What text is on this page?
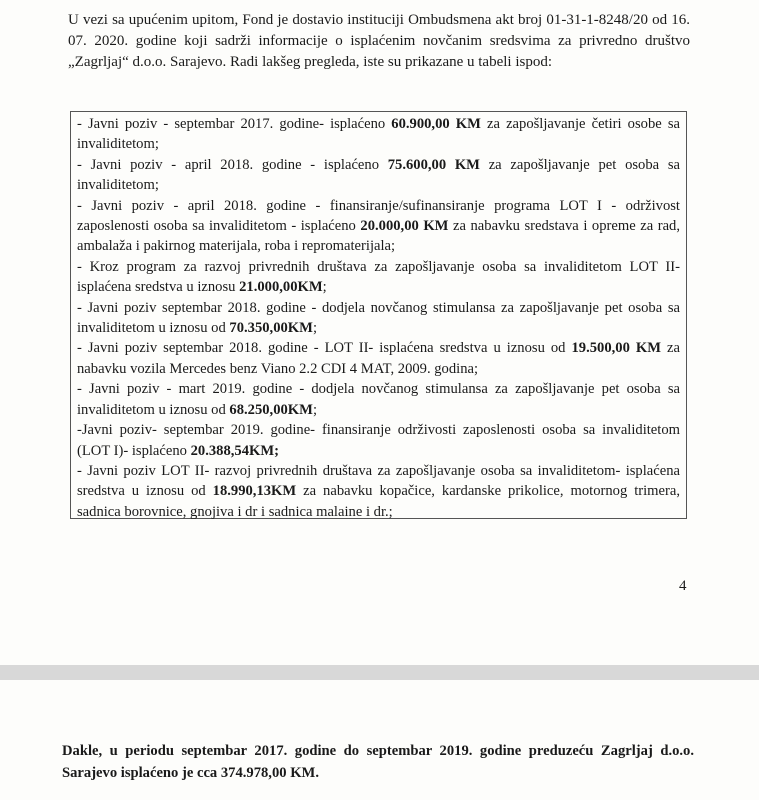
U vezi sa upućenim upitom, Fond je dostavio instituciji Ombudsmena akt broj 01-31-1-8248/20 od 16. 07. 2020. godine koji sadrži informacije o isplaćenim novčanim sredsvima za privredno društvo „Zagrljaj“ d.o.o. Sarajevo. Radi lakšeg pregleda, iste su prikazane u tabeli ispod:

- Javni poziv - septembar 2017. godine- isplaćeno 60.900,00 KM za zapošljavanje četiri osobe sa invaliditetom;

- Javni poziv - april 2018. godine - isplaćeno 75.600,00 KM za zapošljavanje pet osoba sa invaliditetom;

- Javni poziv - april 2018. godine - finansiranje/sufinansiranje programa LOT I - održivost zaposlenosti osoba sa invaliditetom - isplaćeno 20.000,00 KM za nabavku sredstava i opreme za rad, ambalaža i pakirnog materijala, roba i repromaterijala;

- Kroz program za razvoj privrednih društava za zapošljavanje osoba sa invaliditetom LOT II- isplaćena sredstva u iznosu 21.000,00KM;

- Javni poziv septembar 2018. godine - dodjela novčanog stimulansa za zapošljavanje pet osoba sa invaliditetom u iznosu od 70.350,00KM;

- Javni poziv septembar 2018. godine - LOT II- isplaćena sredstva u iznosu od 19.500,00 KM za nabavku vozila Mercedes benz Viano 2.2 CDI 4 MAT, 2009. godina;

- Javni poziv - mart 2019. godine - dodjela novčanog stimulansa za zapošljavanje pet osoba sa invaliditetom u iznosu od 68.250,00KM;

-Javni poziv- septembar 2019. godine- finansiranje održivosti zaposlenosti osoba sa invaliditetom (LOT I)- isplaćeno 20.388,54KM;

- Javni poziv LOT II- razvoj privrednih društava za zapošljavanje osoba sa invaliditetom- isplaćena sredstva u iznosu od 18.990,13KM za nabavku kopačice, kardanske prikolice, motornog trimera, sadnica borovnice, gnojiva i dr i sadnica malaine i dr.;

4

Dakle, u periodu septembar 2017. godine do septembar 2019. godine preduzeću Zagrljaj d.o.o. Sarajevo isplaćeno je cca 374.978,00 KM.
